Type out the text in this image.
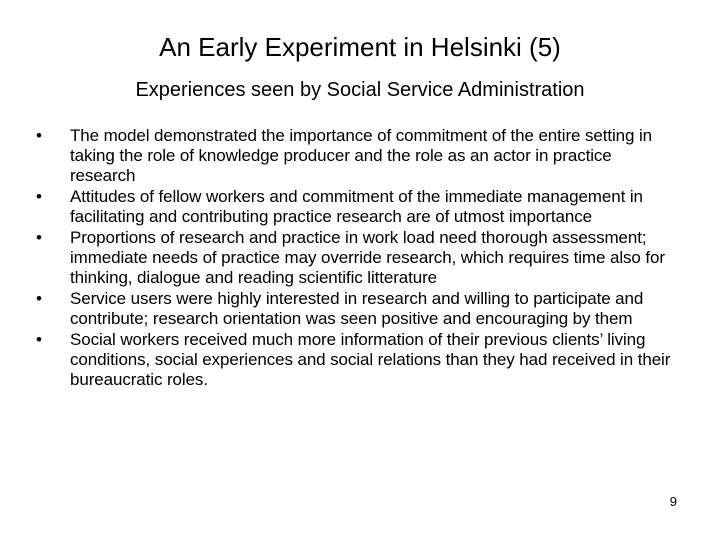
An Early Experiment in Helsinki (5)
Experiences seen by Social Service Administration
•	The model demonstrated the importance of commitment of the entire setting in taking the role of knowledge producer and the role as an actor in practice research
•	Attitudes of fellow workers and commitment of the immediate management in facilitating and contributing practice research are of utmost importance
•	Proportions of research and practice in work load need thorough assessment; immediate needs of practice may override research, which requires time also for thinking, dialogue and reading scientific litterature
•	Service users were highly interested in research and willing to participate and contribute; research orientation was seen positive and encouraging by them
•	Social workers received much more information of their previous clients’ living conditions, social experiences and social relations than they had received in their bureaucratic roles.
9
